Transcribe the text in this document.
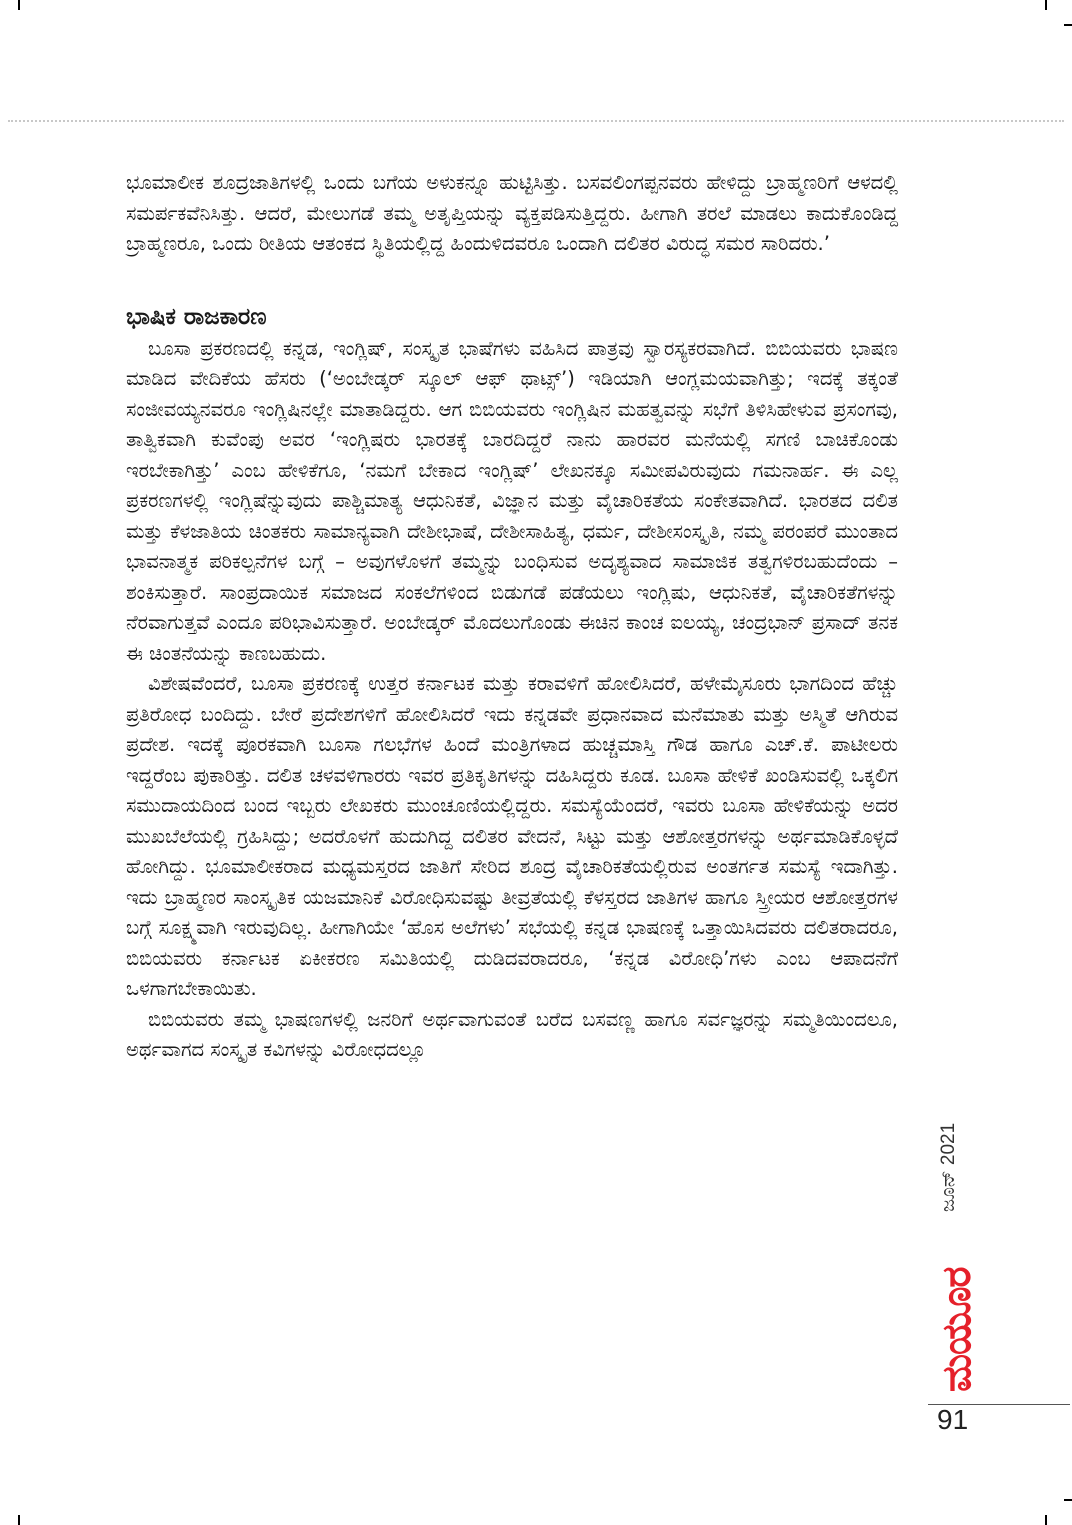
ಭೂಮಾಲೀಕ ಶೂದ್ರಜಾತಿಗಳಲ್ಲಿ ಒಂದು ಬಗೆಯ ಅಳುಕನ್ನೂ ಹುಟ್ಟಿಸಿತ್ತು. ಬಸವಲಿಂಗಪ್ಪನವರು ಹೇಳಿದ್ದು ಬ್ರಾಹ್ಮಣರಿಗೆ ಆಳದಲ್ಲಿ ಸಮರ್ಪಕವೆನಿಸಿತ್ತು. ಆದರೆ, ಮೇಲುಗಡೆ ತಮ್ಮ ಅತೃಪ್ತಿಯನ್ನು ವ್ಯಕ್ತಪಡಿಸುತ್ತಿದ್ದರು. ಹೀಗಾಗಿ ತರಲೆ ಮಾಡಲು ಕಾದುಕೊಂಡಿದ್ದ ಬ್ರಾಹ್ಮಣರೂ, ಒಂದು ರೀತಿಯ ಆತಂಕದ ಸ್ಥಿತಿಯಲ್ಲಿದ್ದ ಹಿಂದುಳಿದವರೂ ಒಂದಾಗಿ ದಲಿತರ ವಿರುದ್ಧ ಸಮರ ಸಾರಿದರು.’

ಭಾಷಿಕ ರಾಜಕಾರಣ

ಬೂಸಾ ಪ್ರಕರಣದಲ್ಲಿ ಕನ್ನಡ, ಇಂಗ್ಲಿಷ್, ಸಂಸ್ಕೃತ ಭಾಷೆಗಳು ವಹಿಸಿದ ಪಾತ್ರವು ಸ್ವಾರಸ್ಯಕರವಾಗಿದೆ. ಬಿಬಿಯವರು ಭಾಷಣ ಮಾಡಿದ ವೇದಿಕೆಯ ಹೆಸರು (‘ಅಂಬೇಡ್ಕರ್ ಸ್ಕೂಲ್ ಆಫ್ ಥಾಟ್ಸ್’) ಇಡಿಯಾಗಿ ಆಂಗ್ಲಮಯವಾಗಿತ್ತು; ಇದಕ್ಕೆ ತಕ್ಕಂತೆ ಸಂಜೀವಯ್ಯನವರೂ ಇಂಗ್ಲಿಷಿನಲ್ಲೇ ಮಾತಾಡಿದ್ದರು. ಆಗ ಬಿಬಿಯವರು ಇಂಗ್ಲಿಷಿನ ಮಹತ್ವವನ್ನು ಸಭೆಗೆ ತಿಳಿಸಿಹೇಳುವ ಪ್ರಸಂಗವು, ತಾತ್ವಿಕವಾಗಿ ಕುವೆಂಪು ಅವರ ‘ಇಂಗ್ಲಿಷರು ಭಾರತಕ್ಕೆ ಬಾರದಿದ್ದರೆ ನಾನು ಹಾರವರ ಮನೆಯಲ್ಲಿ ಸಗಣಿ ಬಾಚಿಕೊಂಡು ಇರಬೇಕಾಗಿತ್ತು’ ಎಂಬ ಹೇಳಿಕೆಗೂ, ‘ನಮಗೆ ಬೇಕಾದ ಇಂಗ್ಲಿಷ್’ ಲೇಖನಕ್ಕೂ ಸಮೀಪವಿರುವುದು ಗಮನಾರ್ಹ. ಈ ಎಲ್ಲ ಪ್ರಕರಣಗಳಲ್ಲಿ ಇಂಗ್ಲಿಷೆನ್ನುವುದು ಪಾಶ್ಚಿಮಾತ್ಯ ಆಧುನಿಕತೆ, ವಿಜ್ಞಾನ ಮತ್ತು ವೈಚಾರಿಕತೆಯ ಸಂಕೇತವಾಗಿದೆ. ಭಾರತದ ದಲಿತ ಮತ್ತು ಕೆಳಜಾತಿಯ ಚಿಂತಕರು ಸಾಮಾನ್ಯವಾಗಿ ದೇಶೀಭಾಷೆ, ದೇಶೀಸಾಹಿತ್ಯ, ಧರ್ಮ, ದೇಶೀಸಂಸ್ಕೃತಿ, ನಮ್ಮ ಪರಂಪರೆ ಮುಂತಾದ ಭಾವನಾತ್ಮಕ ಪರಿಕಲ್ಪನೆಗಳ ಬಗ್ಗೆ – ಅವುಗಳೊಳಗೆ ತಮ್ಮನ್ನು ಬಂಧಿಸುವ ಅದೃಶ್ಯವಾದ ಸಾಮಾಜಿಕ ತತ್ವಗಳಿರಬಹುದೆಂದು – ಶಂಕಿಸುತ್ತಾರೆ. ಸಾಂಪ್ರದಾಯಿಕ ಸಮಾಜದ ಸಂಕಲೆಗಳಿಂದ ಬಿಡುಗಡೆ ಪಡೆಯಲು ಇಂಗ್ಲಿಷು, ಆಧುನಿಕತೆ, ವೈಚಾರಿಕತೆಗಳನ್ನು ನೆರವಾಗುತ್ತವೆ ಎಂದೂ ಪರಿಭಾವಿಸುತ್ತಾರೆ. ಅಂಬೇಡ್ಕರ್ ಮೊದಲುಗೊಂಡು ಈಚಿನ ಕಾಂಚ ಐಲಯ್ಯ, ಚಂದ್ರಭಾನ್ ಪ್ರಸಾದ್ ತನಕ ಈ ಚಿಂತನೆಯನ್ನು ಕಾಣಬಹುದು.

ವಿಶೇಷವೆಂದರೆ, ಬೂಸಾ ಪ್ರಕರಣಕ್ಕೆ ಉತ್ತರ ಕರ್ನಾಟಕ ಮತ್ತು ಕರಾವಳಿಗೆ ಹೋಲಿಸಿದರೆ, ಹಳೇಮೈಸೂರು ಭಾಗದಿಂದ ಹೆಚ್ಚು ಪ್ರತಿರೋಧ ಬಂದಿದ್ದು. ಬೇರೆ ಪ್ರದೇಶಗಳಿಗೆ ಹೋಲಿಸಿದರೆ ಇದು ಕನ್ನಡವೇ ಪ್ರಧಾನವಾದ ಮನೆಮಾತು ಮತ್ತು ಅಸ್ಮಿತೆ ಆಗಿರುವ ಪ್ರದೇಶ. ಇದಕ್ಕೆ ಪೂರಕವಾಗಿ ಬೂಸಾ ಗಲಭೆಗಳ ಹಿಂದೆ ಮಂತ್ರಿಗಳಾದ ಹುಚ್ಚಮಾಸ್ತಿ ಗೌಡ ಹಾಗೂ ಎಚ್.ಕೆ. ಪಾಟೀಲರು ಇದ್ದರೆಂಬ ಪುಕಾರಿತ್ತು. ದಲಿತ ಚಳವಳಿಗಾರರು ಇವರ ಪ್ರತಿಕೃತಿಗಳನ್ನು ದಹಿಸಿದ್ದರು ಕೂಡ. ಬೂಸಾ ಹೇಳಿಕೆ ಖಂಡಿಸುವಲ್ಲಿ ಒಕ್ಕಲಿಗ ಸಮುದಾಯದಿಂದ ಬಂದ ಇಬ್ಬರು ಲೇಖಕರು ಮುಂಚೂಣಿಯಲ್ಲಿದ್ದರು. ಸಮಸ್ಯೆಯೆಂದರೆ, ಇವರು ಬೂಸಾ ಹೇಳಿಕೆಯನ್ನು ಅದರ ಮುಖಬೆಲೆಯಲ್ಲಿ ಗ್ರಹಿಸಿದ್ದು; ಅದರೊಳಗೆ ಹುದುಗಿದ್ದ ದಲಿತರ ವೇದನೆ, ಸಿಟ್ಟು ಮತ್ತು ಆಶೋತ್ತರಗಳನ್ನು ಅರ್ಥಮಾಡಿಕೊಳ್ಳದೆ ಹೋಗಿದ್ದು. ಭೂಮಾಲೀಕರಾದ ಮಧ್ಯಮಸ್ತರದ ಜಾತಿಗೆ ಸೇರಿದ ಶೂದ್ರ ವೈಚಾರಿಕತೆಯಲ್ಲಿರುವ ಅಂತರ್ಗತ ಸಮಸ್ಯೆ ಇದಾಗಿತ್ತು. ಇದು ಬ್ರಾಹ್ಮಣರ ಸಾಂಸ್ಕೃತಿಕ ಯಜಮಾನಿಕೆ ವಿರೋಧಿಸುವಷ್ಟು ತೀವ್ರತೆಯಲ್ಲಿ ಕೆಳಸ್ತರದ ಜಾತಿಗಳ ಹಾಗೂ ಸ್ತ್ರೀಯರ ಆಶೋತ್ತರಗಳ ಬಗ್ಗೆ ಸೂಕ್ಷ್ಮವಾಗಿ ಇರುವುದಿಲ್ಲ. ಹೀಗಾಗಿಯೇ ‘ಹೊಸ ಅಲೆಗಳು’ ಸಭೆಯಲ್ಲಿ ಕನ್ನಡ ಭಾಷಣಕ್ಕೆ ಒತ್ತಾಯಿಸಿದವರು ದಲಿತರಾದರೂ, ಬಿಬಿಯವರು ಕರ್ನಾಟಕ ಏಕೀಕರಣ ಸಮಿತಿಯಲ್ಲಿ ದುಡಿದವರಾದರೂ, ‘ಕನ್ನಡ ವಿರೋಧಿ’ಗಳು ಎಂಬ ಆಪಾದನೆಗೆ ಒಳಗಾಗಬೇಕಾಯಿತು.

ಬಿಬಿಯವರು ತಮ್ಮ ಭಾಷಣಗಳಲ್ಲಿ ಜನರಿಗೆ ಅರ್ಥವಾಗುವಂತೆ ಬರೆದ ಬಸವಣ್ಣ ಹಾಗೂ ಸರ್ವಜ್ಞರನ್ನು ಸಮ್ಮತಿಯಿಂದಲೂ, ಅರ್ಥವಾಗದ ಸಂಸ್ಕೃತ ಕವಿಗಳನ್ನು ವಿರೋಧದಲ್ಲೂ

ಜೂನ್ 2021
ಮಯೂರ
91
